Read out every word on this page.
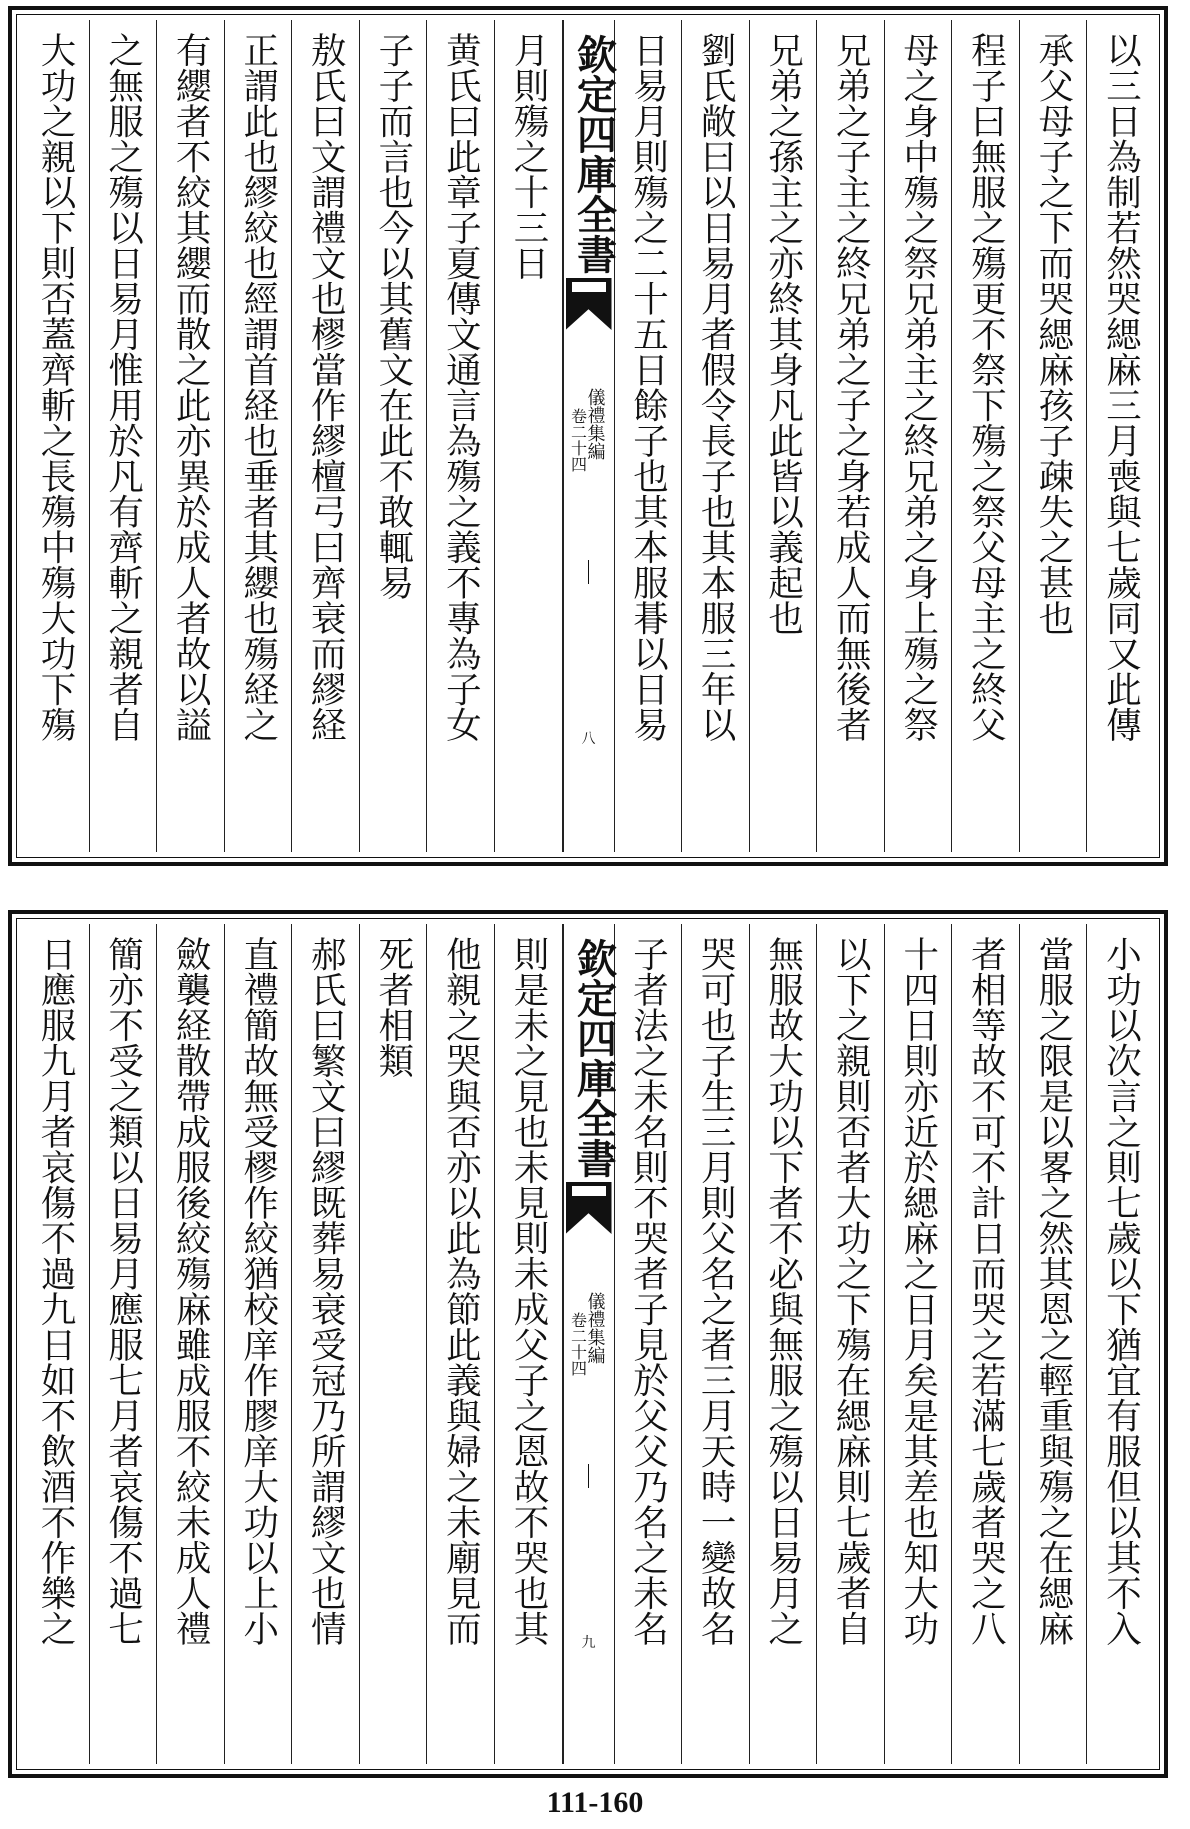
以三日為制若然哭緦麻三月喪與七歲同又此傳
承父母子之下而哭緦麻孩子疎失之甚也
程子曰無服之殤更不祭下殤之祭父母主之終父
母之身中殤之祭兄弟主之終兄弟之身上殤之祭
兄弟之子主之終兄弟之子之身若成人而無後者
兄弟之孫主之亦終其身凡此皆以義起也
劉氏敞曰以日易月者假令長子也其本服三年以
日易月則殤之二十五日餘子也其本服朞以日易
欽定四庫全書
儀禮集編
卷二十四
八
月則殤之十三日
黄氏曰此章子夏傳文通言為殤之義不專為子女
子子而言也今以其舊文在此不敢輒易
敖氏曰文謂禮文也樛當作繆檀弓曰齊衰而繆経
正謂此也繆絞也經謂首経也垂者其纓也殤経之
有纓者不絞其纓而散之此亦異於成人者故以謚
之無服之殤以日易月惟用於凡有齊斬之親者自
大功之親以下則否蓋齊斬之長殤中殤大功下殤
小功以次言之則七歲以下猶宜有服但以其不入
當服之限是以畧之然其恩之輕重與殤之在緦麻
者相等故不可不計日而哭之若滿七歲者哭之八
十四日則亦近於緦麻之日月矣是其差也知大功
以下之親則否者大功之下殤在緦麻則七歲者自
無服故大功以下者不必與無服之殤以日易月之
哭可也子生三月則父名之者三月天時一變故名
子者法之未名則不哭者子見於父父乃名之未名
欽定四庫全書
儀禮集編
卷二十四
九
則是未之見也未見則未成父子之恩故不哭也其
他親之哭與否亦以此為節此義與婦之未廟見而
死者相類
郝氏曰繁文曰繆既葬易衰受冠乃所謂繆文也情
直禮簡故無受樛作絞猶校庠作膠庠大功以上小
斂襲経散帶成服後絞殤麻雖成服不絞未成人禮
簡亦不受之類以日易月應服七月者哀傷不過七
日應服九月者哀傷不過九日如不飲酒不作樂之
111-160
